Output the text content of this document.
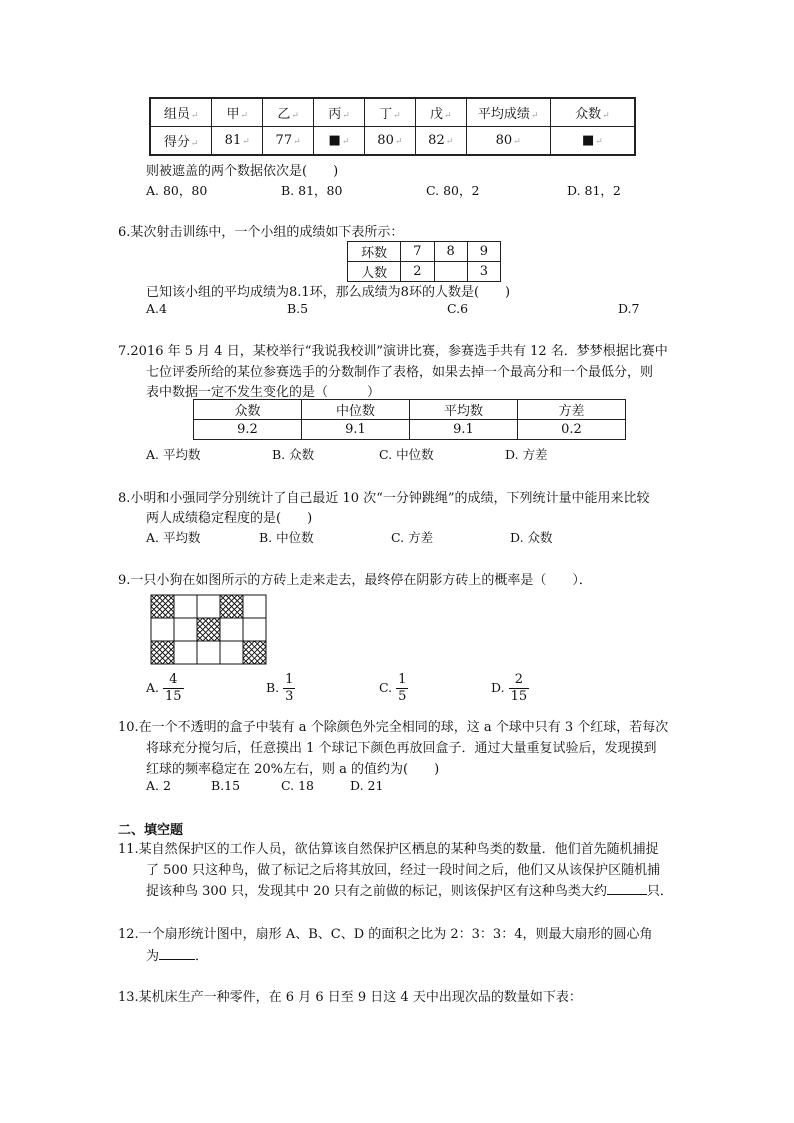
组员↵	甲↵	乙↵	丙↵	丁↵	戊↵	平均成绩↵	众数↵
得分↵	81↵	77↵	■↵	80↵	82↵	80↵	■↵
则被遮盖的两个数据依次是(　　)
A. 80，80	B. 81，80	C. 80，2	D. 81，2
6.某次射击训练中，一个小组的成绩如下表所示：
环数	7	8	9
人数	2		3
已知该小组的平均成绩为8.1环，那么成绩为8环的人数是(　　)
A.4	B.5	C.6	D.7
7.2016 年 5 月 4 日，某校举行“我说我校训”演讲比赛，参赛选手共有 12 名．梦梦根据比赛中
七位评委所给的某位参赛选手的分数制作了表格，如果去掉一个最高分和一个最低分，则
表中数据一定不发生变化的是（　　　）
众数	中位数	平均数	方差
9.2	9.1	9.1	0.2
A. 平均数	B. 众数	C. 中位数	D. 方差
8.小明和小强同学分别统计了自己最近 10 次“一分钟跳绳”的成绩，下列统计量中能用来比较
两人成绩稳定程度的是(　　)
A. 平均数	B. 中位数	C. 方差	D. 众数
9.一只小狗在如图所示的方砖上走来走去，最终停在阴影方砖上的概率是（　　）．
A. $\frac{4}{15}$	B. $\frac{1}{3}$	C. $\frac{1}{5}$	D. $\frac{2}{15}$
10.在一个不透明的盒子中装有 a 个除颜色外完全相同的球，这 a 个球中只有 3 个红球，若每次
将球充分搅匀后，任意摸出 1 个球记下颜色再放回盒子．通过大量重复试验后，发现摸到
红球的频率稳定在 20%左右，则 a 的值约为(　　)
A. 2	B.15	C. 18	D. 21
二、填空题
11.某自然保护区的工作人员，欲估算该自然保护区栖息的某种鸟类的数量．他们首先随机捕捉
了 500 只这种鸟，做了标记之后将其放回，经过一段时间之后，他们又从该保护区随机捕
捉该种鸟 300 只，发现其中 20 只有之前做的标记，则该保护区有这种鸟类大约	只．
12.一个扇形统计图中，扇形 A、B、C、D 的面积之比为 2：3：3：4，则最大扇形的圆心角
为	．
13.某机床生产一种零件，在 6 月 6 日至 9 日这 4 天中出现次品的数量如下表：
